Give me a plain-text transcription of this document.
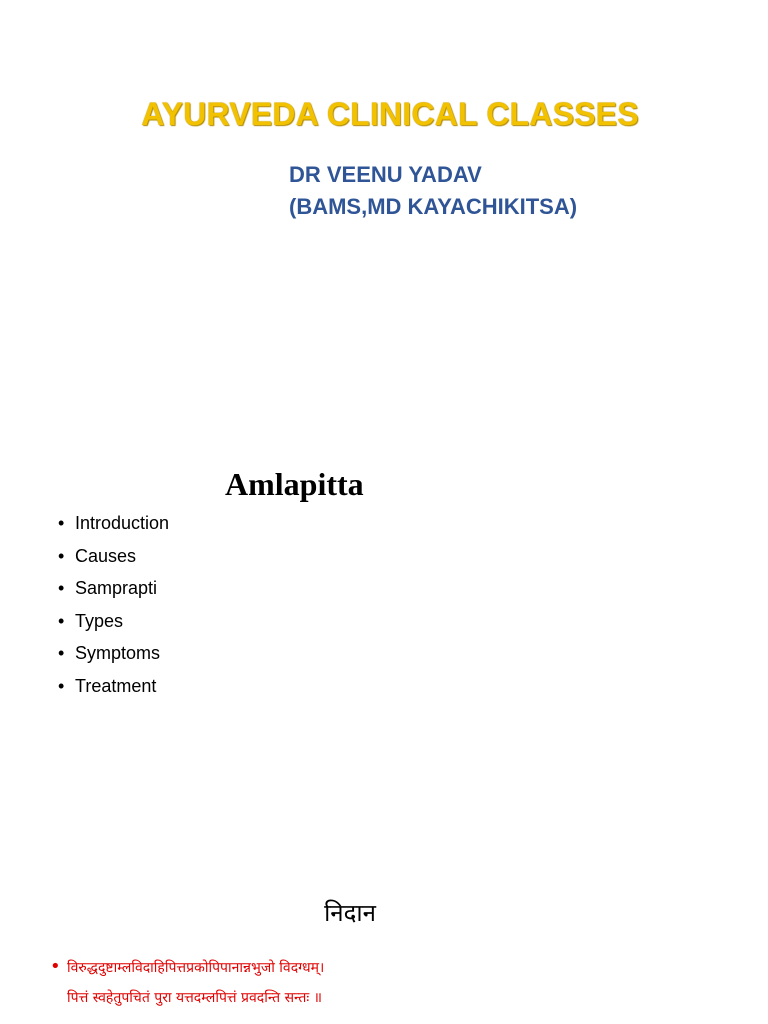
AYURVEDA CLINICAL CLASSES
DR VEENU YADAV
(BAMS,MD KAYACHIKITSA)
Amlapitta
• Introduction
• Causes
• Samprapti
• Types
• Symptoms
• Treatment
निदान
• विरुद्धदुष्टाम्लविदाहिपित्तप्रकोपिपानान्नभुजो विदग्धम्।
पित्तं स्वहेतुपचितं पुरा यत्तदम्लपित्तं प्रवदन्ति सन्तः ॥
